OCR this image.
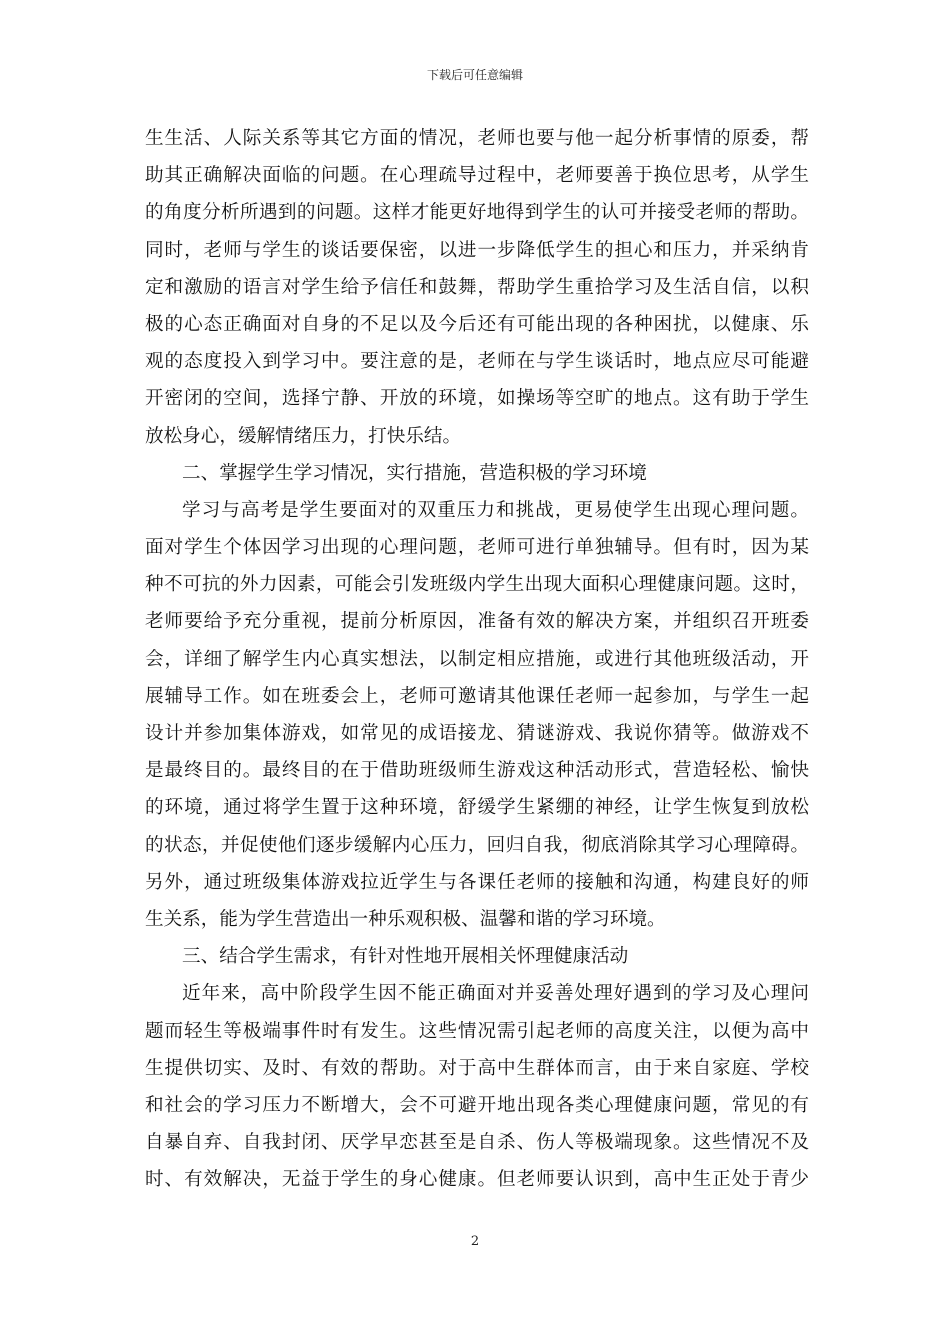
下载后可任意编辑
生生活、人际关系等其它方面的情况，老师也要与他一起分析事情的原委，帮
助其正确解决面临的问题。在心理疏导过程中，老师要善于换位思考，从学生
的角度分析所遇到的问题。这样才能更好地得到学生的认可并接受老师的帮助。
同时，老师与学生的谈话要保密，以进一步降低学生的担心和压力，并采纳肯
定和激励的语言对学生给予信任和鼓舞，帮助学生重拾学习及生活自信，以积
极的心态正确面对自身的不足以及今后还有可能出现的各种困扰，以健康、乐
观的态度投入到学习中。要注意的是，老师在与学生谈话时，地点应尽可能避
开密闭的空间，选择宁静、开放的环境，如操场等空旷的地点。这有助于学生
放松身心，缓解情绪压力，打快乐结。
二、掌握学生学习情况，实行措施，营造积极的学习环境
学习与高考是学生要面对的双重压力和挑战，更易使学生出现心理问题。
面对学生个体因学习出现的心理问题，老师可进行单独辅导。但有时，因为某
种不可抗的外力因素，可能会引发班级内学生出现大面积心理健康问题。这时，
老师要给予充分重视，提前分析原因，准备有效的解决方案，并组织召开班委
会，详细了解学生内心真实想法，以制定相应措施，或进行其他班级活动，开
展辅导工作。如在班委会上，老师可邀请其他课任老师一起参加，与学生一起
设计并参加集体游戏，如常见的成语接龙、猜谜游戏、我说你猜等。做游戏不
是最终目的。最终目的在于借助班级师生游戏这种活动形式，营造轻松、愉快
的环境，通过将学生置于这种环境，舒缓学生紧绷的神经，让学生恢复到放松
的状态，并促使他们逐步缓解内心压力，回归自我，彻底消除其学习心理障碍。
另外，通过班级集体游戏拉近学生与各课任老师的接触和沟通，构建良好的师
生关系，能为学生营造出一种乐观积极、温馨和谐的学习环境。
三、结合学生需求，有针对性地开展相关怀理健康活动
近年来，高中阶段学生因不能正确面对并妥善处理好遇到的学习及心理问
题而轻生等极端事件时有发生。这些情况需引起老师的高度关注，以便为高中
生提供切实、及时、有效的帮助。对于高中生群体而言，由于来自家庭、学校
和社会的学习压力不断增大，会不可避开地出现各类心理健康问题，常见的有
自暴自弃、自我封闭、厌学早恋甚至是自杀、伤人等极端现象。这些情况不及
时、有效解决，无益于学生的身心健康。但老师要认识到，高中生正处于青少
2
